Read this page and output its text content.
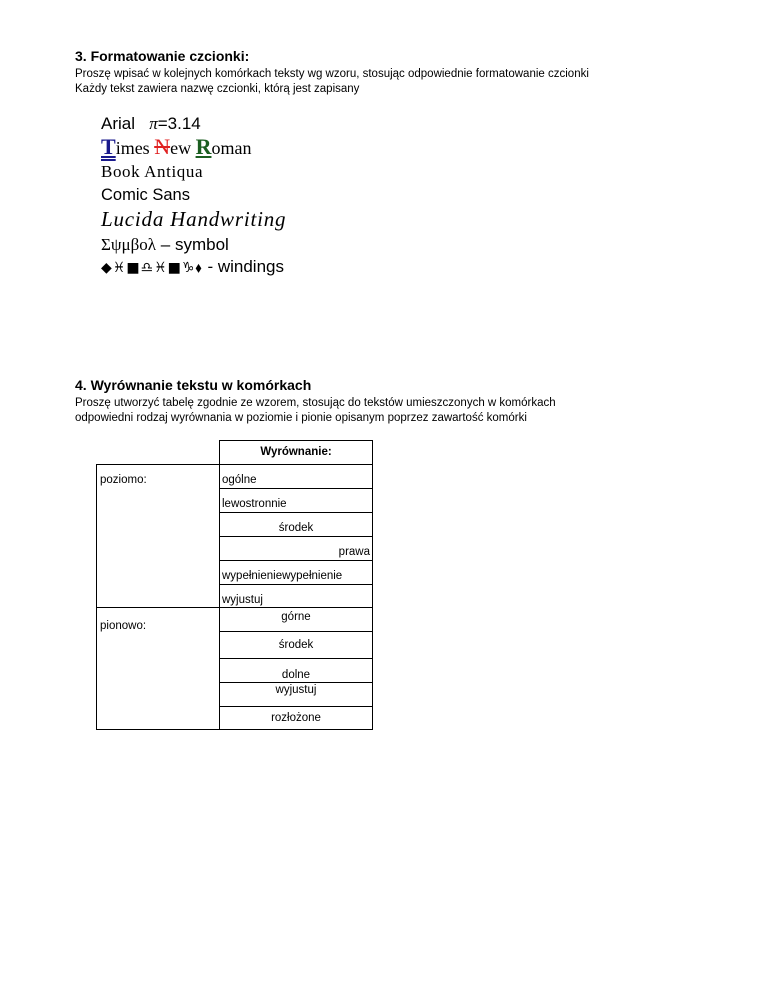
3. Formatowanie czcionki:
Proszę wpisać w kolejnych komórkach teksty wg wzoru, stosując odpowiednie formatowanie czcionki
Każdy tekst zawiera nazwę czcionki, którą jest zapisany
Arial π=3.14
Times New Roman
Book Antiqua
Comic Sans
Lucida Handwriting
Σψμβολ – symbol
◆♓■♎♓■♑⬧ - windings
4. Wyrównanie tekstu w komórkach
Proszę utworzyć tabelę zgodnie ze wzorem, stosując do tekstów umieszczonych w komórkach
odpowiedni rodzaj wyrównania w poziomie i pionie opisanym poprzez zawartość komórki
Wyrównanie:
poziomo:
pionowo:
ogólne
lewostronnie
środek
prawa
wypełnieniewypełnienie
wyjustuj
górne
środek
dolne
wyjustuj
rozłożone
